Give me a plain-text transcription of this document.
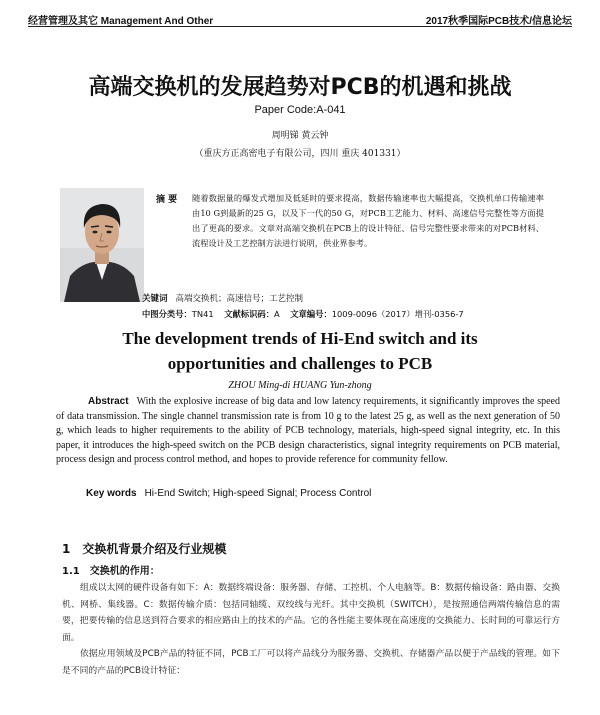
经营管理及其它 Management And Other	2017秋季国际PCB技术/信息论坛
高端交换机的发展趋势对PCB的机遇和挑战
Paper Code:A-041
周明锑 黄云钟
（重庆方正高密电子有限公司，四川 重庆 401331）
摘 要 随着数据量的爆发式增加及低延时的要求提高，数据传输速率也大幅提高，交换机单口传输速率由10 G到最新的25 G，以及下一代的50 G，对PCB工艺能力、材料、高速信号完整性等方面提出了更高的要求。文章对高端交换机在PCB上的设计特征、信号完整性要求带来的对PCB材料、流程设计及工艺控制方法进行说明，供业界参考。
关键词 高端交换机；高速信号；工艺控制
中图分类号：TN41 文献标识码：A 文章编号：1009-0096（2017）增刊-0356-7
The development trends of Hi-End switch and its opportunities and challenges to PCB
ZHOU Ming-di HUANG Yun-zhong
Abstract With the explosive increase of big data and low latency requirements, it significantly improves the speed of data transmission. The single channel transmission rate is from 10 g to the latest 25 g, as well as the next generation of 50 g, which leads to higher requirements to the ability of PCB technology, materials, high-speed signal integrity, etc. In this paper, it introduces the high-speed switch on the PCB design characteristics, signal integrity requirements on PCB material, process design and process control method, and hopes to provide reference for community fellow.
Key words Hi-End Switch; High-speed Signal; Process Control
1 交换机背景介绍及行业规模
1.1 交换机的作用：
组成以太网的硬件设备有如下：A：数据终端设备：服务器、存储、工控机、个人电脑等。B：数据传输设备：路由器、交换机、网桥、集线器。C：数据传输介质：包括同轴缆、双绞线与光纤。其中交换机（SWITCH），是按照通信两端传输信息的需要，把要传输的信息送到符合要求的相应路由上的技术的产品。它的各性能主要体现在高速度的交换能力、长时间的可靠运行方面。
依据应用领域及PCB产品的特征不同，PCB工厂可以将产品线分为服务器、交换机、存储器产品以便于产品线的管理。如下是不同的产品的PCB设计特征：
